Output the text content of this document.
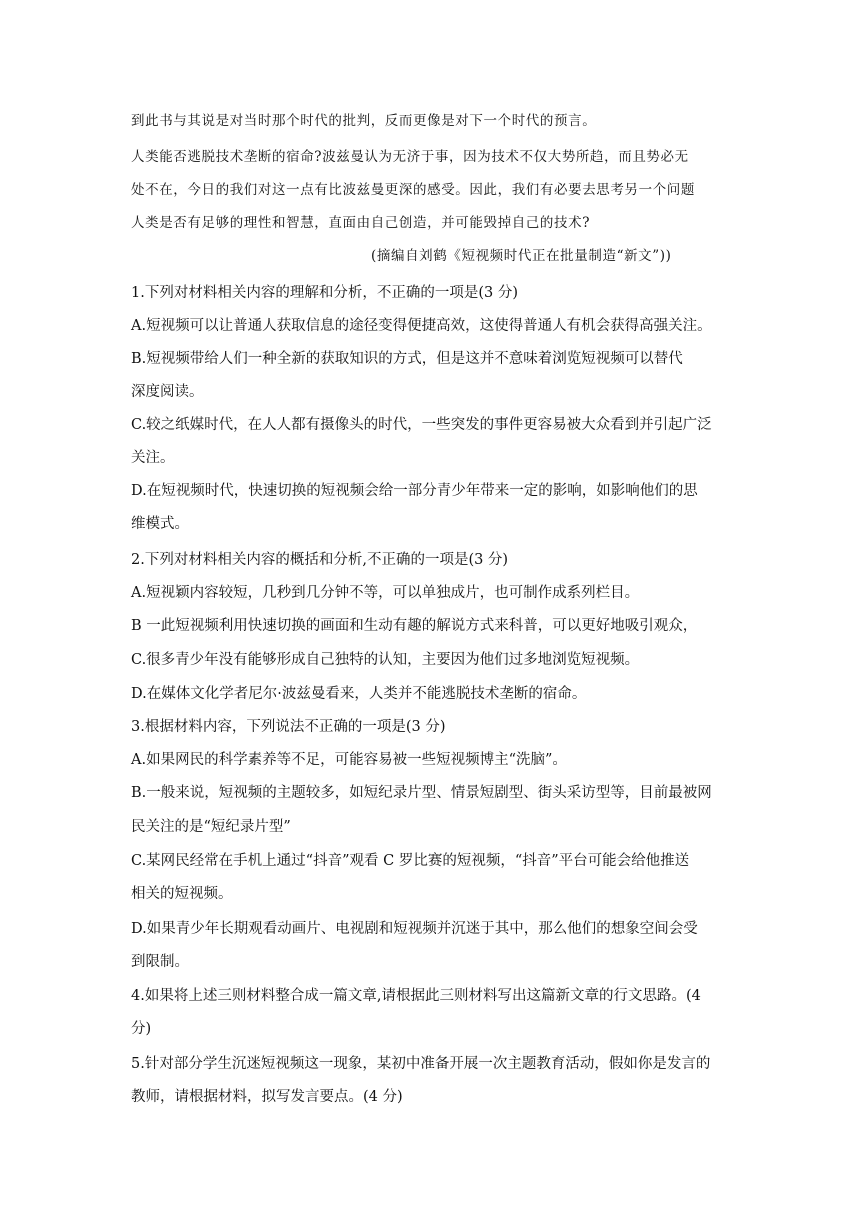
到此书与其说是对当时那个时代的批判，反而更像是对下一个时代的预言。
人类能否逃脱技术垄断的宿命?波兹曼认为无济于事，因为技术不仅大势所趋，而且势必无
处不在，今日的我们对这一点有比波兹曼更深的感受。因此，我们有必要去思考另一个问题
人类是否有足够的理性和智慧，直面由自己创造，并可能毁掉自己的技术?
(摘编自刘鹤《短视频时代正在批量制造“新文”))
1.下列对材料相关内容的理解和分析，不正确的一项是(3 分)
A.短视频可以让普通人获取信息的途径变得便捷高效，这使得普通人有机会获得高强关注。
B.短视频带给人们一种全新的获取知识的方式，但是这并不意味着浏览短视频可以替代
深度阅读。
C.较之纸媒时代，在人人都有摄像头的时代，一些突发的事件更容易被大众看到并引起广泛
关注。
D.在短视频时代，快速切换的短视频会给一部分青少年带来一定的影响，如影响他们的思
维模式。
2.下列对材料相关内容的概括和分析,不正确的一项是(3 分)
A.短视颖内容较短，几秒到几分钟不等，可以单独成片，也可制作成系列栏目。
B 一此短视频利用快速切换的画面和生动有趣的解说方式来科普，可以更好地吸引观众，
C.很多青少年没有能够形成自己独特的认知，主要因为他们过多地浏览短视频。
D.在媒体文化学者尼尔·波兹曼看来，人类并不能逃脱技术垄断的宿命。
3.根据材料内容，下列说法不正确的一项是(3 分)
A.如果网民的科学素养等不足，可能容易被一些短视频博主“洗脑”。
B.一般来说，短视频的主题较多，如短纪录片型、情景短剧型、街头采访型等，目前最被网
民关注的是“短纪录片型”
C.某网民经常在手机上通过“抖音”观看 C 罗比赛的短视频，“抖音”平台可能会给他推送
相关的短视频。
D.如果青少年长期观看动画片、电视剧和短视频并沉迷于其中，那么他们的想象空间会受
到限制。
4.如果将上述三则材料整合成一篇文章,请根据此三则材料写出这篇新文章的行文思路。(4
分)
5.针对部分学生沉迷短视频这一现象，某初中准备开展一次主题教育活动，假如你是发言的
教师，请根据材料，拟写发言要点。(4 分)
